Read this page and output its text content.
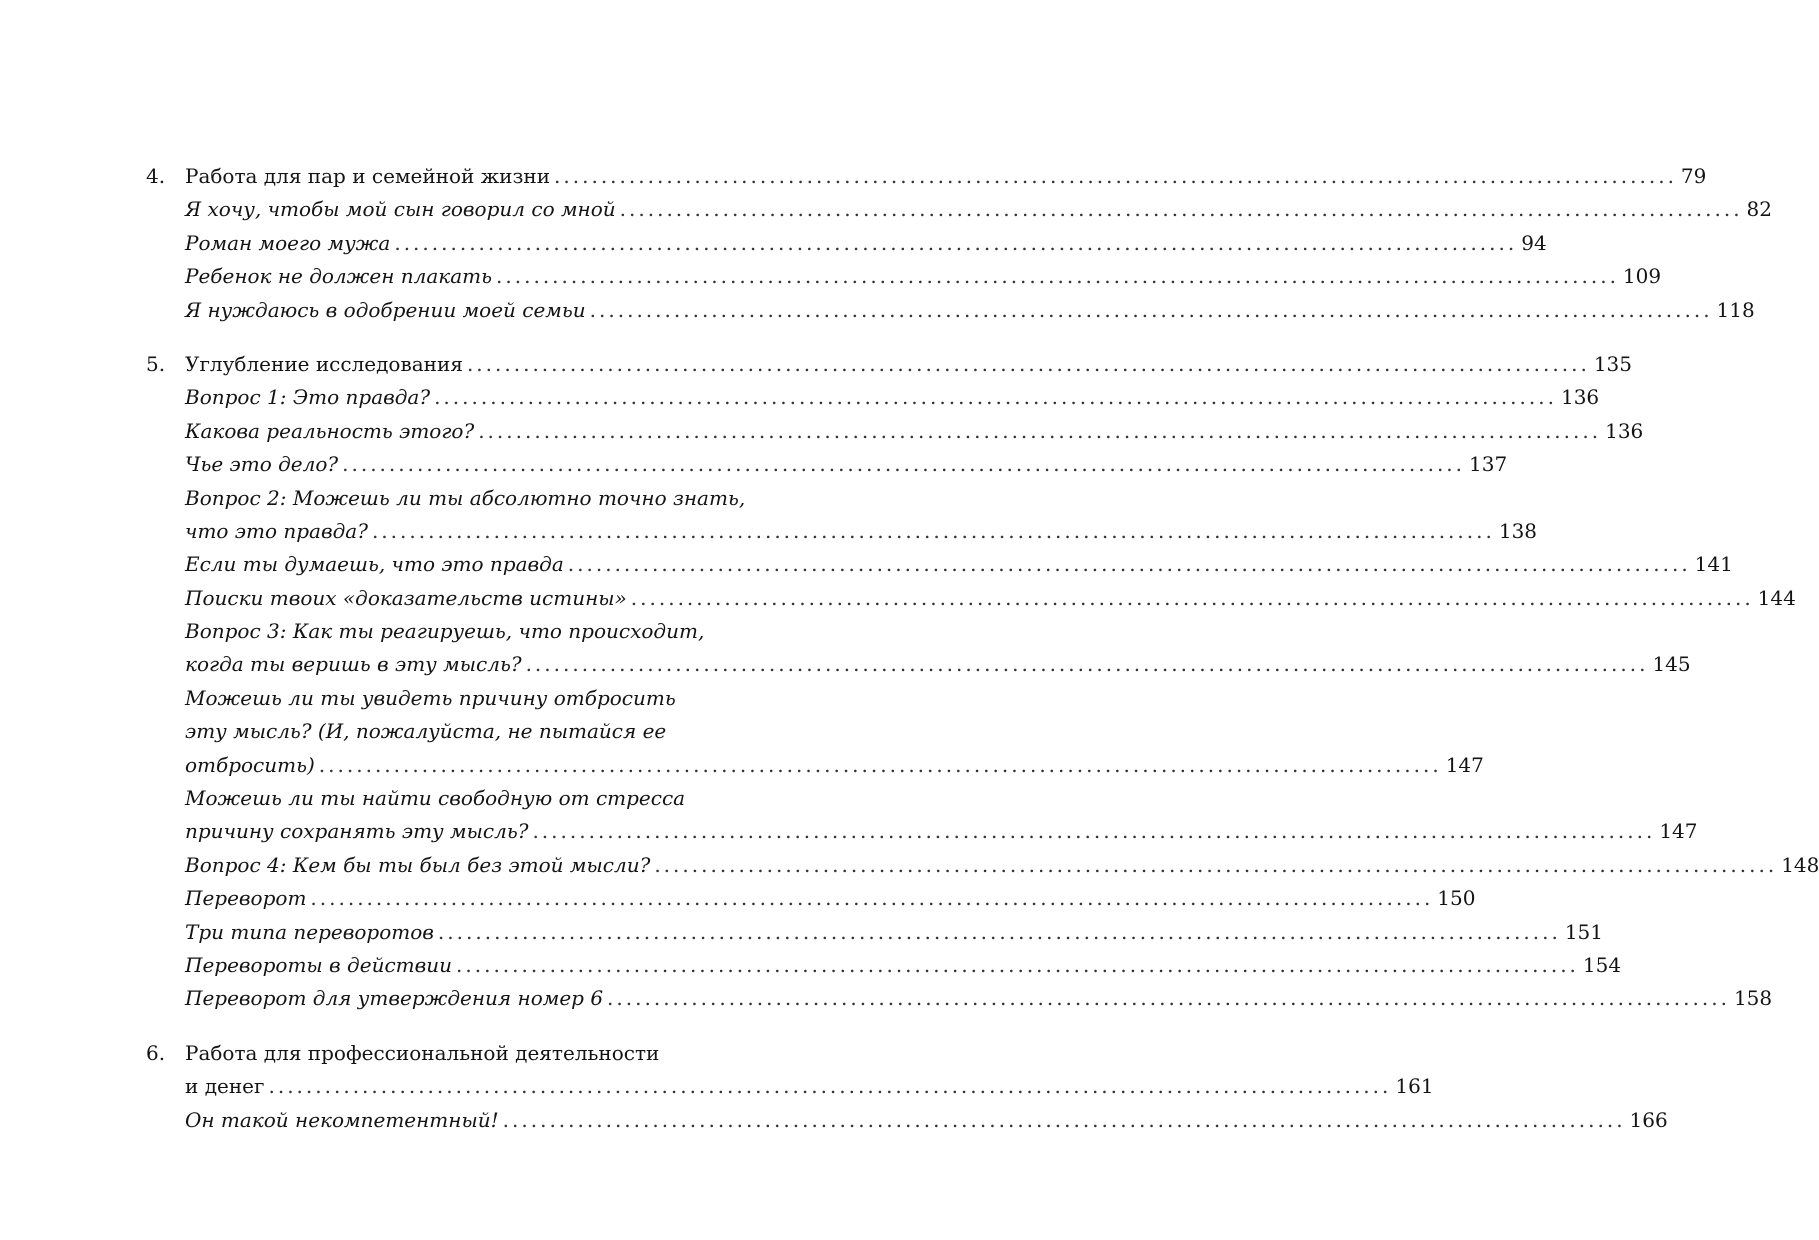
4. Работа для пар и семейной жизни ........................................................................................................................ 79
Я хочу, чтобы мой сын говорил со мной ........................................................................................................................ 82
Роман моего мужа ........................................................................................................................ 94
Ребенок не должен плакать ........................................................................................................................ 109
Я нуждаюсь в одобрении моей семьи ........................................................................................................................ 118
5. Углубление исследования ........................................................................................................................ 135
Вопрос 1: Это правда? ........................................................................................................................ 136
Какова реальность этого? ........................................................................................................................ 136
Чье это дело? ........................................................................................................................ 137
Вопрос 2: Можешь ли ты абсолютно точно знать,
что это правда? ........................................................................................................................ 138
Если ты думаешь, что это правда ........................................................................................................................ 141
Поиски твоих «доказательств истины» ........................................................................................................................ 144
Вопрос 3: Как ты реагируешь, что происходит,
когда ты веришь в эту мысль? ........................................................................................................................ 145
Можешь ли ты увидеть причину отбросить
эту мысль? (И, пожалуйста, не пытайся ее
отбросить) ........................................................................................................................ 147
Можешь ли ты найти свободную от стресса
причину сохранять эту мысль? ........................................................................................................................ 147
Вопрос 4: Кем бы ты был без этой мысли? ........................................................................................................................ 148
Переворот ........................................................................................................................ 150
Три типа переворотов ........................................................................................................................ 151
Перевороты в действии ........................................................................................................................ 154
Переворот для утверждения номер 6 ........................................................................................................................ 158
6. Работа для профессиональной деятельности
и денег ........................................................................................................................ 161
Он такой некомпетентный! ........................................................................................................................ 166
